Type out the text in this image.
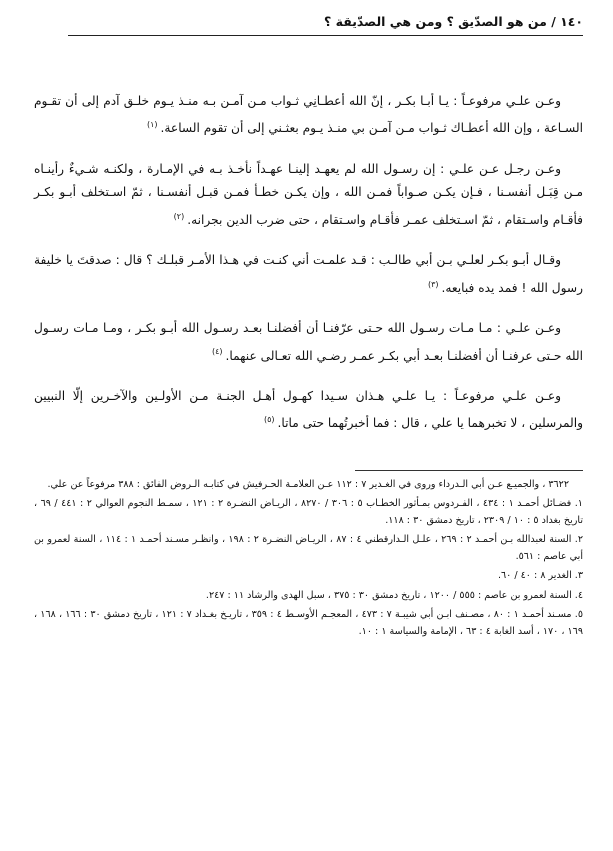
١٤٠ / من هو الصدّيق ؟ ومن هي الصدّيقة ؟

وعـن علـي مرفوعـاً : يـا أبـا بكـر ، إنّ الله أعطـانِي ثـواب مـن آمـن بـه منـذ يـوم خلـق آدم إلى أن تقـوم السـاعة ، وإن الله أعطـاك ثـواب مـن آمـن بي منـذ يـوم بعثـني إلى أن تقوم الساعة.$^{(١)}$

وعـن رجـل عـن علـي : إن رسـول الله لم يعهـد إلينـا عهـداً نأخـذ بـه في الإمـارة ، ولكنـه شـيءٌ رأينـاه مـن قِبَـل أنفسـنا ، فـإن يكـن صـواباً فمـن الله ، وإن يكـن خطـأ فمـن قبـل أنفسـنا ، ثمّ اسـتخلف أبـو بكـر فأقـام واسـتقام ، ثمّ اسـتخلف عمـر فأقـام واسـتقام ، حتى ضرب الدين بجرانه.$^{(٢)}$

وقـال أبـو بكـر لعلـي بـن أبي طالـب : قـد علمـت أني كنـت في هـذا الأمـر قبلـك ؟ قال : صدقتَ يا خليفة رسول الله ! فمد يده فبايعه.$^{(٣)}$

وعـن علـي : مـا مـات رسـول الله حـتى عرّفنـا أن أفضلنـا بعـد رسـول الله أبـو بكـر ، ومـا مـات رسـول الله حـتى عرفنـا أن أفضلنـا بعـد أبي بكـر عمـر رضـي الله تعـالى عنهما.$^{(٤)}$

وعـن علـي مرفوعـاً : يـا علـي هـذان سـيدا كهـول أهـل الجنـة مـن الأولـين والآخـرين إلّا النبيين والمرسلين ، لا تخبرهما يا علي ، قال : فما أخبرتُهما حتى ماتا.$^{(٥)}$

٣٦٢٢ ، والجميـع عـن أبي الـدرداء وروى في الغـدير ٧ : ١١٢ عـن العلامـة الحـرفيش في كتابـه الـروض الفائق : ٣٨٨ مرفوعاً عن علي.

١. فضـائل أحمـد ١ : ٤٣٤ ، الفـردوس بمـأثور الخطـاب ٥ : ٣٠٦ / ٨٢٧٠ ، الريـاض النضـرة ٢ : ١٢١ ، سمـط النجوم العوالي ٢ : ٤٤١ / ٦٩ ، تاريخ بغداد ٥ : ١٠ / ٢٣٠٩ ، تاريخ دمشق ٣٠ : ١١٨.

٢. السنة لعبدالله بـن أحمـد ٢ : ٢٦٩ ، علـل الـدارقطني ٤ : ٨٧ ، الريـاض النضـرة ٢ : ١٩٨ ، وانظـر مسـند أحمـد ١ : ١١٤ ، السنة لعمرو بن أبي عاصم : ٥٦١.

٣. الغدير ٨ : ٤٠ / ٦٠.

٤. السنة لعمرو بن عاصم : ٥٥٥ / ١٢٠٠ ، تاريخ دمشق ٣٠ : ٣٧٥ ، سبل الهدى والرشاد ١١ : ٢٤٧.

٥. مسـند أحمـد ١ : ٨٠ ، مصـنف ابـن أبي شيبـة ٧ : ٤٧٣ ، المعجـم الأوسـط ٤ : ٣٥٩ ، تاريـخ بغـداد ٧ : ١٢١ ، تاريخ دمشق ٣٠ : ١٦٦ ، ١٦٨ ، ١٦٩ ، ١٧٠ ، أسد الغابة ٤ : ٦٣ ، الإمامة والسياسة ١ : ١٠.
